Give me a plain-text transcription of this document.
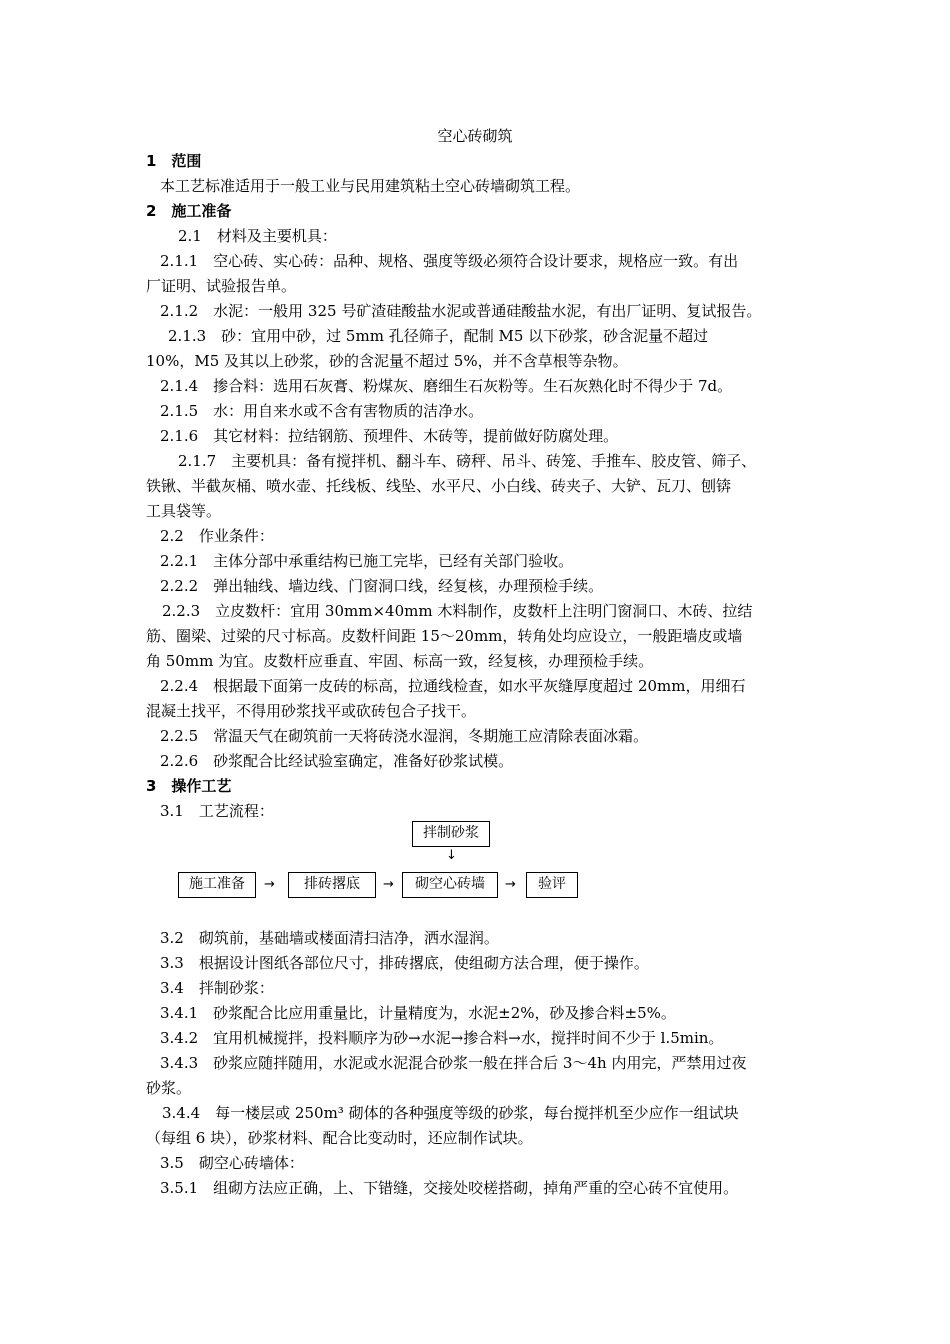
空心砖砌筑
1　范围
本工艺标准适用于一般工业与民用建筑粘土空心砖墙砌筑工程。
2　施工准备
2.1　材料及主要机具：
2.1.1　空心砖、实心砖：品种、规格、强度等级必须符合设计要求，规格应一致。有出
厂证明、试验报告单。
2.1.2　水泥：一般用 325 号矿渣硅酸盐水泥或普通硅酸盐水泥，有出厂证明、复试报告。
2.1.3　砂：宜用中砂，过 5mm 孔径筛子，配制 M5 以下砂浆，砂含泥量不超过
10%，M5 及其以上砂浆，砂的含泥量不超过 5%，并不含草根等杂物。
2.1.4　掺合料：选用石灰膏、粉煤灰、磨细生石灰粉等。生石灰熟化时不得少于 7d。
2.1.5　水：用自来水或不含有害物质的洁净水。
2.1.6　其它材料：拉结钢筋、预埋件、木砖等，提前做好防腐处理。
2.1.7　主要机具：备有搅拌机、翻斗车、磅秤、吊斗、砖笼、手推车、胶皮管、筛子、
铁锹、半截灰桶、喷水壶、托线板、线坠、水平尺、小白线、砖夹子、大铲、瓦刀、刨锛
工具袋等。
2.2　作业条件：
2.2.1　主体分部中承重结构已施工完毕，已经有关部门验收。
2.2.2　弹出轴线、墙边线、门窗洞口线，经复核，办理预检手续。
2.2.3　立皮数杆：宜用 30mm×40mm 木料制作，皮数杆上注明门窗洞口、木砖、拉结
筋、圈梁、过梁的尺寸标高。皮数杆间距 15～20mm，转角处均应设立，一般距墙皮或墙
角 50mm 为宜。皮数杆应垂直、牢固、标高一致，经复核，办理预检手续。
2.2.4　根据最下面第一皮砖的标高，拉通线检查，如水平灰缝厚度超过 20mm，用细石
混凝土找平，不得用砂浆找平或砍砖包合子找干。
2.2.5　常温天气在砌筑前一天将砖浇水湿润，冬期施工应清除表面冰霜。
2.2.6　砂浆配合比经试验室确定，准备好砂浆试模。
3　操作工艺
3.1　工艺流程：
拌制砂浆
↓
施工准备	→	排砖撂底	→	砌空心砖墙	→	验评
3.2　砌筑前，基础墙或楼面清扫洁净，洒水湿润。
3.3　根据设计图纸各部位尺寸，排砖撂底，使组砌方法合理，便于操作。
3.4　拌制砂浆：
3.4.1　砂浆配合比应用重量比，计量精度为，水泥±2%，砂及掺合料±5%。
3.4.2　宜用机械搅拌，投料顺序为砂→水泥→掺合料→水，搅拌时间不少于 l.5min。
3.4.3　砂浆应随拌随用，水泥或水泥混合砂浆一般在拌合后 3～4h 内用完，严禁用过夜
砂浆。
3.4.4　每一楼层或 250m³ 砌体的各种强度等级的砂浆，每台搅拌机至少应作一组试块
（每组 6 块），砂浆材料、配合比变动时，还应制作试块。
3.5　砌空心砖墙体：
3.5.1　组砌方法应正确，上、下错缝，交接处咬槎搭砌，掉角严重的空心砖不宜使用。
